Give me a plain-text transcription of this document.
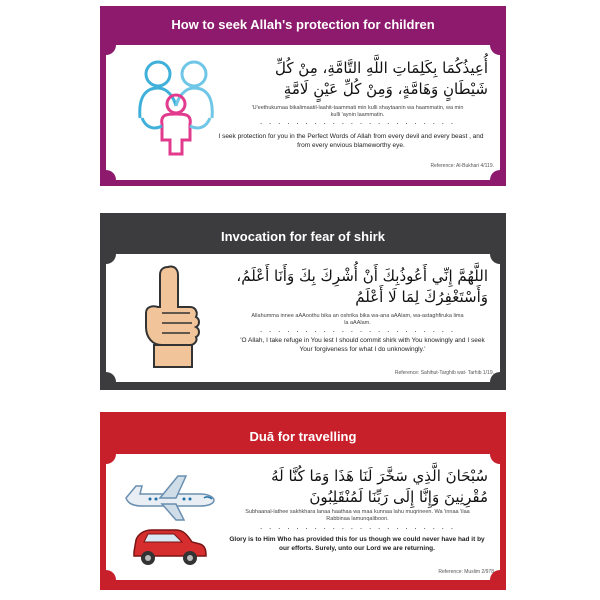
How to seek Allah's protection for children
أُعِيذُكُمَا بِكَلِمَاتِ اللَّهِ التَّامَّةِ، مِنْ كُلِّ شَيْطَانٍ وَهَامَّةٍ، وَمِنْ كُلِّ عَيْنٍ لَامَّةٍ
'U'eethukumaa bikalimaatil-laahit-taammati min kulli shaytaanin wa haammatin, wa min kulli 'aynin laammatin.
. . . . . . . . . . . . . . . . . . . . . .
I seek protection for you in the Perfect Words of Allah from every devil and every beast , and from every envious blameworthy eye.
Reference: Al-Bukhari 4/119.
Invocation for fear of shirk
اللَّهُمَّ إِنِّي أَعُوذُبِكَ أَنْ أُشْرِكَ بِكَ وَأَنَا أَعْلَمُ، وَأَسْتَغْفِرُكَ لِمَا لَا أَعْلَمُ
Allahumma innee aAAoothu bika an oshrika bika wa-ana aAAlam, wa-astaghfiruka lima la aAAlam.
. . . . . . . . . . . . . . . . . . . . . .
'O Allah, I take refuge in You lest I should commit shirk with You knowingly and I seek Your forgiveness for what I do unknowingly.'
Reference: Sahihut-Targhib wat- Tarhib 1/19.
Duā for travelling
سُبْحَانَ الَّذِي سَخَّرَ لَنَا هَذَا وَمَا كُنَّا لَهُ مُقْرِنِينَ وَإِنَّا إِلَى رَبِّنَا لَمُنْقَلِبُونَ
Subhaanal-lathee sakhkhara lanaa haathaa wa maa kunnaa lahu muqrineen. Wa 'innaa 'ilaa Rabbinaa lamunqaliboon.
. . . . . . . . . . . . . . . . . . . . . .
Glory is to Him Who has provided this for us though we could never have had it by our efforts. Surely, unto our Lord we are returning.
Reference: Muslim 2/978
